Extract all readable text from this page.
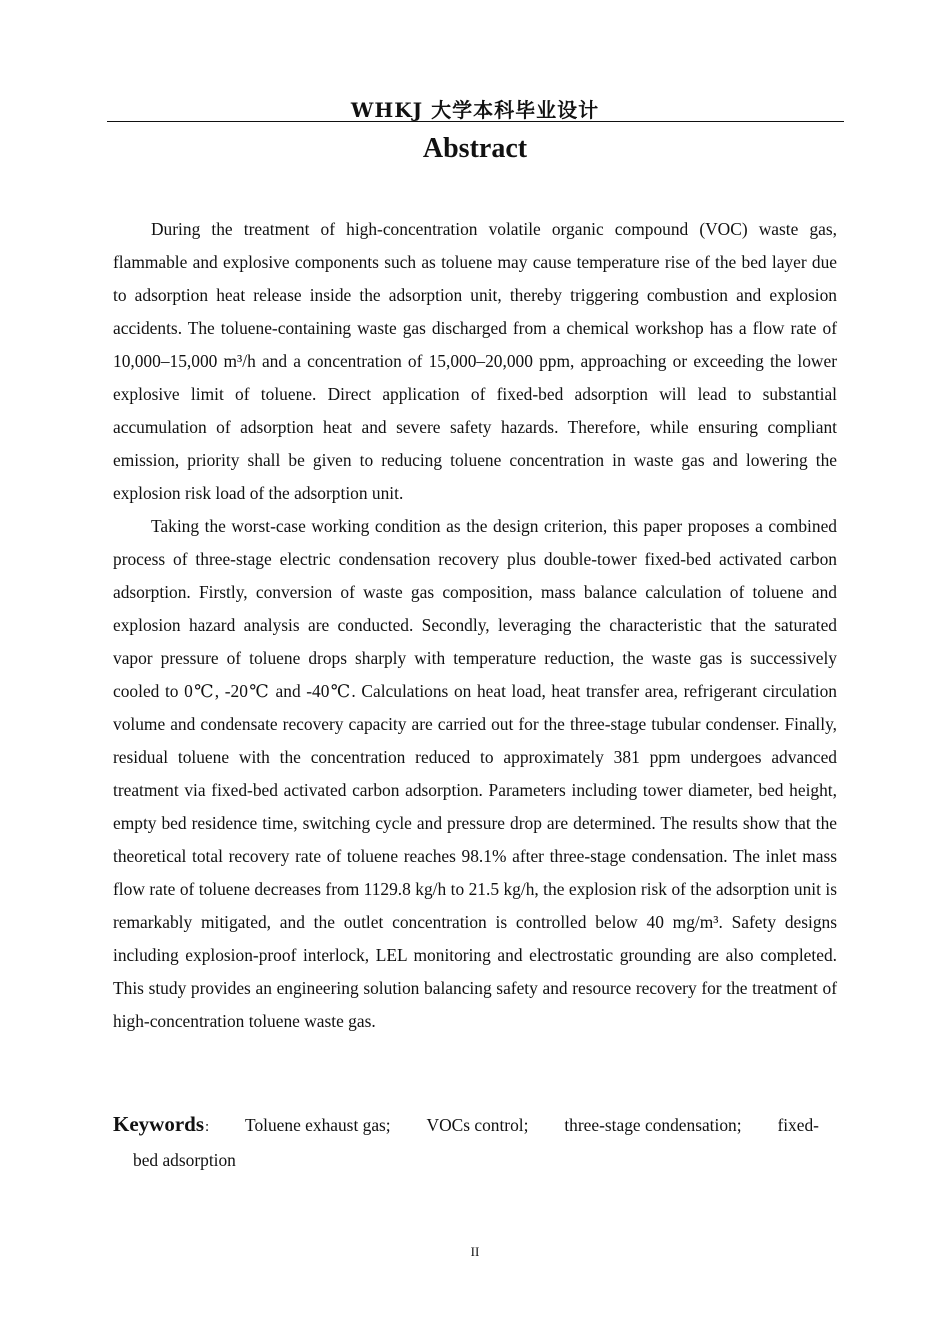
WHKJ 大学本科毕业设计
Abstract

During the treatment of high-concentration volatile organic compound (VOC) waste gas, flammable and explosive components such as toluene may cause temperature rise of the bed layer due to adsorption heat release inside the adsorption unit, thereby triggering combustion and explosion accidents. The toluene-containing waste gas discharged from a chemical workshop has a flow rate of 10,000–15,000 m³/h and a concentration of 15,000–20,000 ppm, approaching or exceeding the lower explosive limit of toluene. Direct application of fixed-bed adsorption will lead to substantial accumulation of adsorption heat and severe safety hazards. Therefore, while ensuring compliant emission, priority shall be given to reducing toluene concentration in waste gas and lowering the explosion risk load of the adsorption unit.

Taking the worst-case working condition as the design criterion, this paper proposes a combined process of three-stage electric condensation recovery plus double-tower fixed-bed activated carbon adsorption. Firstly, conversion of waste gas composition, mass balance calculation of toluene and explosion hazard analysis are conducted. Secondly, leveraging the characteristic that the saturated vapor pressure of toluene drops sharply with temperature reduction, the waste gas is successively cooled to 0℃, -20℃ and -40℃. Calculations on heat load, heat transfer area, refrigerant circulation volume and condensate recovery capacity are carried out for the three-stage tubular condenser. Finally, residual toluene with the concentration reduced to approximately 381 ppm undergoes advanced treatment via fixed-bed activated carbon adsorption. Parameters including tower diameter, bed height, empty bed residence time, switching cycle and pressure drop are determined. The results show that the theoretical total recovery rate of toluene reaches 98.1% after three-stage condensation. The inlet mass flow rate of toluene decreases from 1129.8 kg/h to 21.5 kg/h, the explosion risk of the adsorption unit is remarkably mitigated, and the outlet concentration is controlled below 40 mg/m³. Safety designs including explosion-proof interlock, LEL monitoring and electrostatic grounding are also completed. This study provides an engineering solution balancing safety and resource recovery for the treatment of high-concentration toluene waste gas.

Keywords : Toluene exhaust gas; VOCs control; three-stage condensation; fixed-
bed adsorption
II
